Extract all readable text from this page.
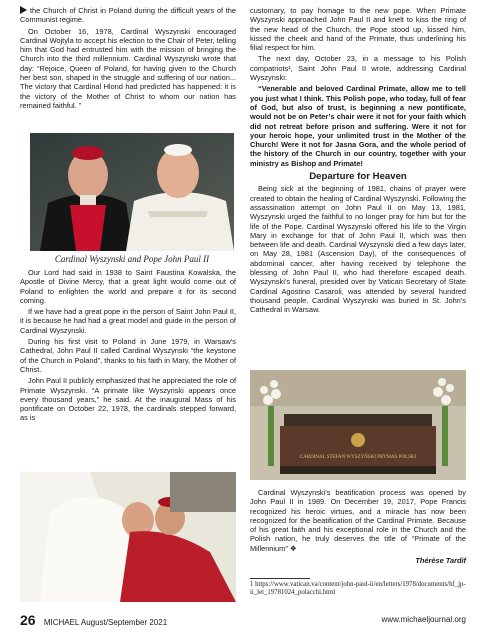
the Church of Christ in Poland during the difficult years of the Communist regime.

On October 16, 1978, Cardinal Wyszynski encouraged Cardinal Wojtyla to accept his election to the Chair of Peter, telling him that God had entrusted him with the mission of bringing the Church into the third millennium. Cardinal Wyszynski wrote that day: “Rejoice, Queen of Poland, for having given to the Church her best son, shaped in the struggle and suffering of our nation... The victory that Cardinal Hlond had predicted has happened: it is the victory of the Mother of Christ to whom our nation has remained faithful. ”

Cardinal Wyszynski and Pope John Paul II

Our Lord had said in 1938 to Saint Faustina Kowalska, the Apostle of Divine Mercy, that a great light would come out of Poland to enlighten the world and prepare it for its second coming.

If we have had a great pope in the person of Saint John Paul II, it is because he had had a great model and guide in the person of Cardinal Wyszynski.

During his first visit to Poland in June 1979, in Warsaw’s Cathedral, John Paul II called Cardinal Wyszynski “the keystone of the Church in Poland”, thanks to his faith in Mary, the Mother of Christ.

John Paul II publicly emphasized that he appreciated the role of Primate Wyszynski. “A primate like Wyszynski appears once every thousand years,” he said. At the inaugural Mass of his pontificate on October 22, 1978, the cardinals stepped forward, as is

customary, to pay homage to the new pope. When Primate Wyszynski approached John Paul II and knelt to kiss the ring of the new head of the Church, the Pope stood up, kissed him, kissed the cheek and hand of the Primate, thus underlining his filial respect for him.

The next day, October 23, in a message to his Polish compatriots¹, Saint John Paul II wrote, addressing Cardinal Wyszynski:

“Venerable and beloved Cardinal Primate, allow me to tell you just what I think. This Polish pope, who today, full of fear of God, but also of trust, is beginning a new pontificate, would not be on Peter’s chair were it not for your faith which did not retreat before prison and suffering. Were it not for your heroic hope, your unlimited trust in the Mother of the Church! Were it not for Jasna Gora, and the whole period of the history of the Church in our country, together with your ministry as Bishop and Primate!

Departure for Heaven

Being sick at the beginning of 1981, chains of prayer were created to obtain the healing of Cardinal Wyszynski. Following the assassination attempt on John Paul II on May 13, 1981, Wyszynski urged the faithful to no longer pray for him but for the life of the Pope. Cardinal Wyszynski offered his life to the Virgin Mary in exchange for that of John Paul II, which was then between life and death. Cardinal Wyszynski died a few days later, on May 28, 1981 (Ascension Day), of the consequences of abdominal cancer, after having received by telephone the blessing of John Paul II, who had therefore escaped death. Wyszynski’s funeral, presided over by Vatican Secretary of State Cardinal Agostino Casaroli, was attended by several hundred thousand people. Cardinal Wyszynski was buried in St. John’s Cathedral in Warsaw.

CARDINAL STEFAN WYSZYŃSKI PRYMAS POLSKI

Cardinal Wyszynski’s beatification process was opened by John Paul II in 1989. On December 19, 2017, Pope Francis recognized his heroic virtues, and a miracle has now been recognized for the beatification of the Cardinal Primate. Because of his great faith and his exceptional role in the Church and the Polish nation, he truly deserves the title of “Primate of the Millennium” ❖

Thérèse Tardif
1 https://www.vatican.va/content/john-paul-ii/en/letters/1978/documents/hf_jp-ii_let_19781024_polacchi.html
26 MICHAEL August/September 2021	www.michaeljournal.org
